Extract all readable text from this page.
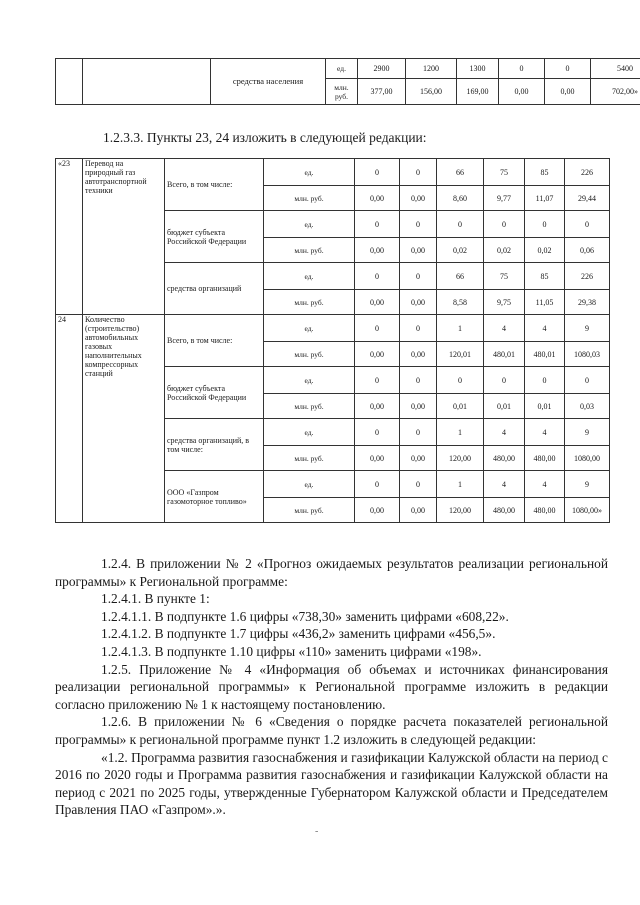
		средства населения	ед.	2900	1200	1300	0	0	5400
			млн. руб.	377,00	156,00	169,00	0,00	0,00	702,00»
1.2.3.3. Пункты 23, 24 изложить в следующей редакции:
«23	Перевод на природный газ автотранспортной техники	Всего, в том числе:	ед.	0	0	66	75	85	226
			млн. руб.	0,00	0,00	8,60	9,77	11,07	29,44
		бюджет субъекта Российской Федерации	ед.	0	0	0	0	0	0
			млн. руб.	0,00	0,00	0,02	0,02	0,02	0,06
		средства организаций	ед.	0	0	66	75	85	226
			млн. руб.	0,00	0,00	8,58	9,75	11,05	29,38
24	Количество (строительство) автомобильных газовых наполнительных компрессорных станций	Всего, в том числе:	ед.	0	0	1	4	4	9
			млн. руб.	0,00	0,00	120,01	480,01	480,01	1080,03
		бюджет субъекта Российской Федерации	ед.	0	0	0	0	0	0
			млн. руб.	0,00	0,00	0,01	0,01	0,01	0,03
		средства организаций, в том числе:	ед.	0	0	1	4	4	9
			млн. руб.	0,00	0,00	120,00	480,00	480,00	1080,00
		ООО «Газпром газомоторное топливо»	ед.	0	0	1	4	4	9
			млн. руб.	0,00	0,00	120,00	480,00	480,00	1080,00»

1.2.4. В приложении № 2 «Прогноз ожидаемых результатов реализации региональной программы» к Региональной программе:

1.2.4.1. В пункте 1:

1.2.4.1.1. В подпункте 1.6 цифры «738,30» заменить цифрами «608,22».

1.2.4.1.2. В подпункте 1.7 цифры «436,2» заменить цифрами «456,5».

1.2.4.1.3. В подпункте 1.10 цифры «110» заменить цифрами «198».

1.2.5. Приложение № 4 «Информация об объемах и источниках финансирования реализации региональной программы» к Региональной программе изложить в редакции согласно приложению № 1 к настоящему постановлению.

1.2.6. В приложении № 6 «Сведения о порядке расчета показателей региональной программы» к региональной программе пункт 1.2 изложить в следующей редакции:

«1.2. Программа развития газоснабжения и газификации Калужской области на период с 2016 по 2020 годы и Программа развития газоснабжения и газификации Калужской области на период с 2021 по 2025 годы, утвержденные Губернатором Калужской области и Председателем Правления ПАО «Газпром».».

-
